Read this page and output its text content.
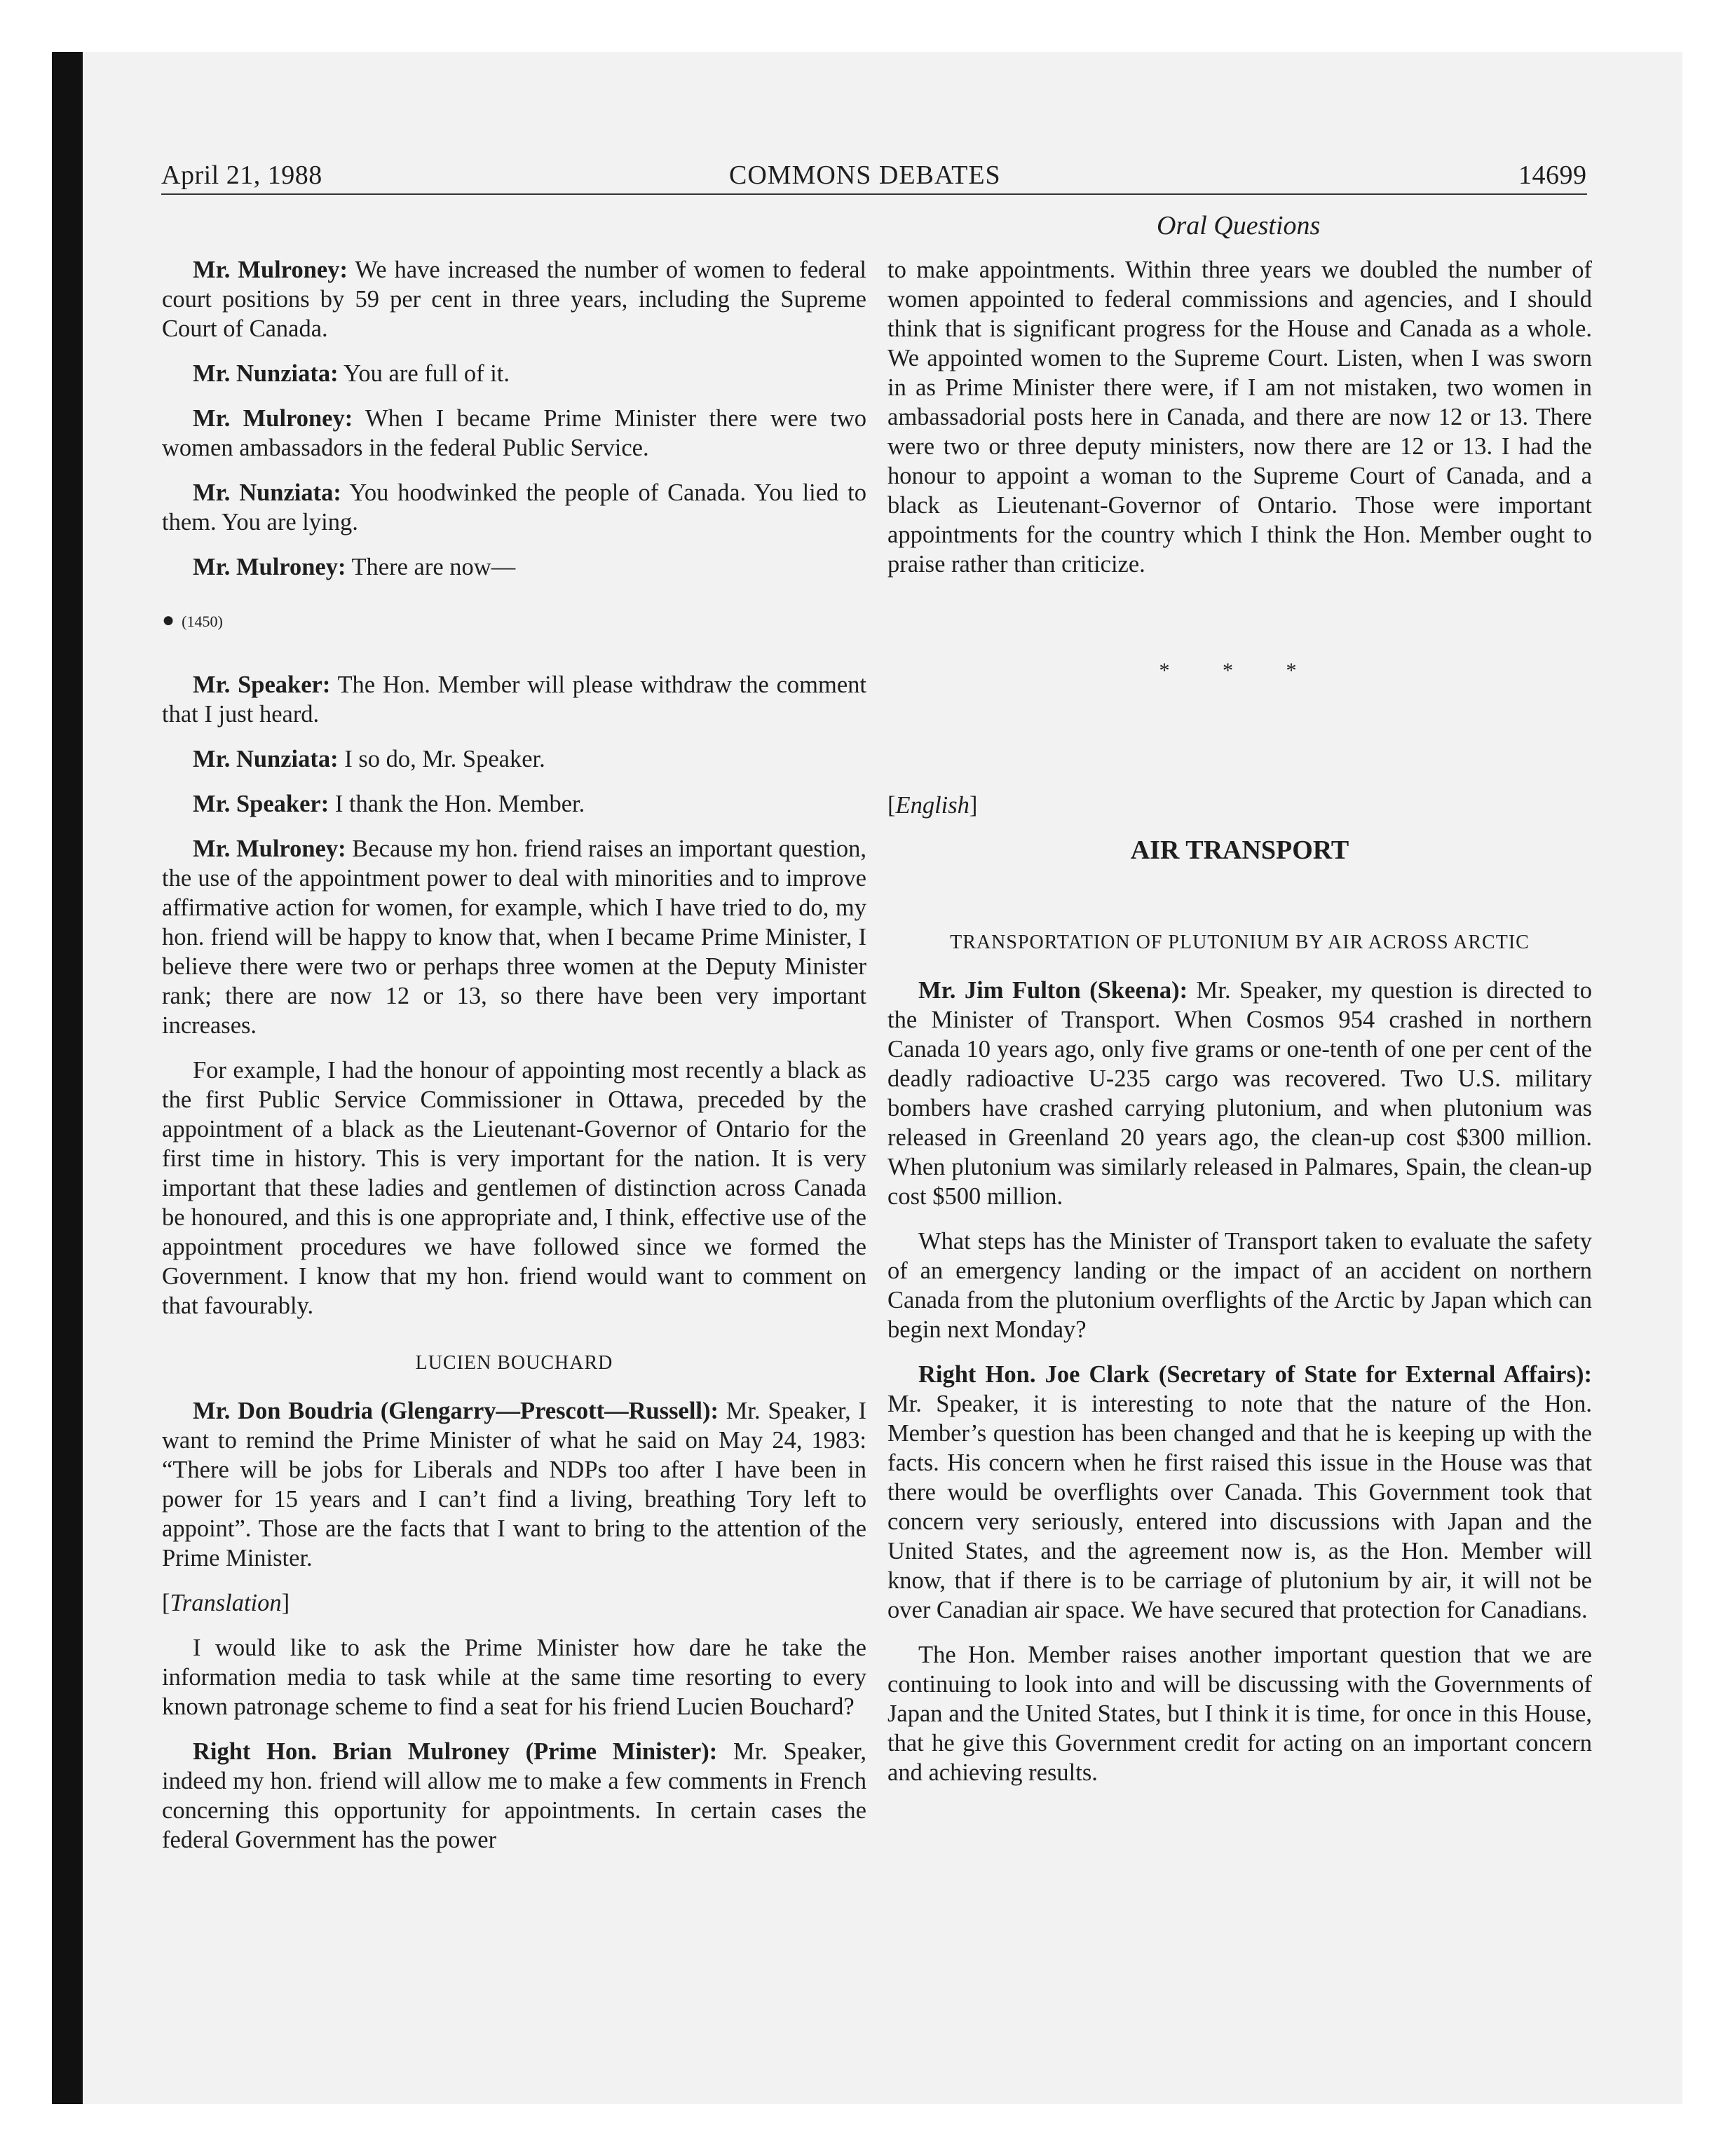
April 21, 1988	COMMONS DEBATES	14699
Oral Questions

Mr. Mulroney: We have increased the number of women to federal court positions by 59 per cent in three years, including the Supreme Court of Canada.

Mr. Nunziata: You are full of it.

Mr. Mulroney: When I became Prime Minister there were two women ambassadors in the federal Public Service.

Mr. Nunziata: You hoodwinked the people of Canada. You lied to them. You are lying.

Mr. Mulroney: There are now—

● (1450)

Mr. Speaker: The Hon. Member will please withdraw the comment that I just heard.

Mr. Nunziata: I so do, Mr. Speaker.

Mr. Speaker: I thank the Hon. Member.

Mr. Mulroney: Because my hon. friend raises an important question, the use of the appointment power to deal with minorities and to improve affirmative action for women, for example, which I have tried to do, my hon. friend will be happy to know that, when I became Prime Minister, I believe there were two or perhaps three women at the Deputy Minister rank; there are now 12 or 13, so there have been very important increases.

For example, I had the honour of appointing most recently a black as the first Public Service Commissioner in Ottawa, preceded by the appointment of a black as the Lieutenant-Governor of Ontario for the first time in history. This is very important for the nation. It is very important that these ladies and gentlemen of distinction across Canada be honoured, and this is one appropriate and, I think, effective use of the appointment procedures we have followed since we formed the Government. I know that my hon. friend would want to comment on that favourably.

LUCIEN BOUCHARD

Mr. Don Boudria (Glengarry—Prescott—Russell): Mr. Speaker, I want to remind the Prime Minister of what he said on May 24, 1983: “There will be jobs for Liberals and NDPs too after I have been in power for 15 years and I can’t find a living, breathing Tory left to appoint”. Those are the facts that I want to bring to the attention of the Prime Minister.

[Translation]

I would like to ask the Prime Minister how dare he take the information media to task while at the same time resorting to every known patronage scheme to find a seat for his friend Lucien Bouchard?

Right Hon. Brian Mulroney (Prime Minister): Mr. Speaker, indeed my hon. friend will allow me to make a few comments in French concerning this opportunity for appointments. In certain cases the federal Government has the power

to make appointments. Within three years we doubled the number of women appointed to federal commissions and agencies, and I should think that is significant progress for the House and Canada as a whole. We appointed women to the Supreme Court. Listen, when I was sworn in as Prime Minister there were, if I am not mistaken, two women in ambassadorial posts here in Canada, and there are now 12 or 13. There were two or three deputy ministers, now there are 12 or 13. I had the honour to appoint a woman to the Supreme Court of Canada, and a black as Lieutenant-Governor of Ontario. Those were important appointments for the country which I think the Hon. Member ought to praise rather than criticize.

* * *

[English]

AIR TRANSPORT
TRANSPORTATION OF PLUTONIUM BY AIR ACROSS ARCTIC

Mr. Jim Fulton (Skeena): Mr. Speaker, my question is directed to the Minister of Transport. When Cosmos 954 crashed in northern Canada 10 years ago, only five grams or one-tenth of one per cent of the deadly radioactive U-235 cargo was recovered. Two U.S. military bombers have crashed carrying plutonium, and when plutonium was released in Greenland 20 years ago, the clean-up cost $300 million. When plutonium was similarly released in Palmares, Spain, the clean-up cost $500 million.

What steps has the Minister of Transport taken to evaluate the safety of an emergency landing or the impact of an accident on northern Canada from the plutonium overflights of the Arctic by Japan which can begin next Monday?

Right Hon. Joe Clark (Secretary of State for External Affairs): Mr. Speaker, it is interesting to note that the nature of the Hon. Member’s question has been changed and that he is keeping up with the facts. His concern when he first raised this issue in the House was that there would be overflights over Canada. This Government took that concern very seriously, entered into discussions with Japan and the United States, and the agreement now is, as the Hon. Member will know, that if there is to be carriage of plutonium by air, it will not be over Canadian air space. We have secured that protection for Canadians.

The Hon. Member raises another important question that we are continuing to look into and will be discussing with the Governments of Japan and the United States, but I think it is time, for once in this House, that he give this Government credit for acting on an important concern and achieving results.
